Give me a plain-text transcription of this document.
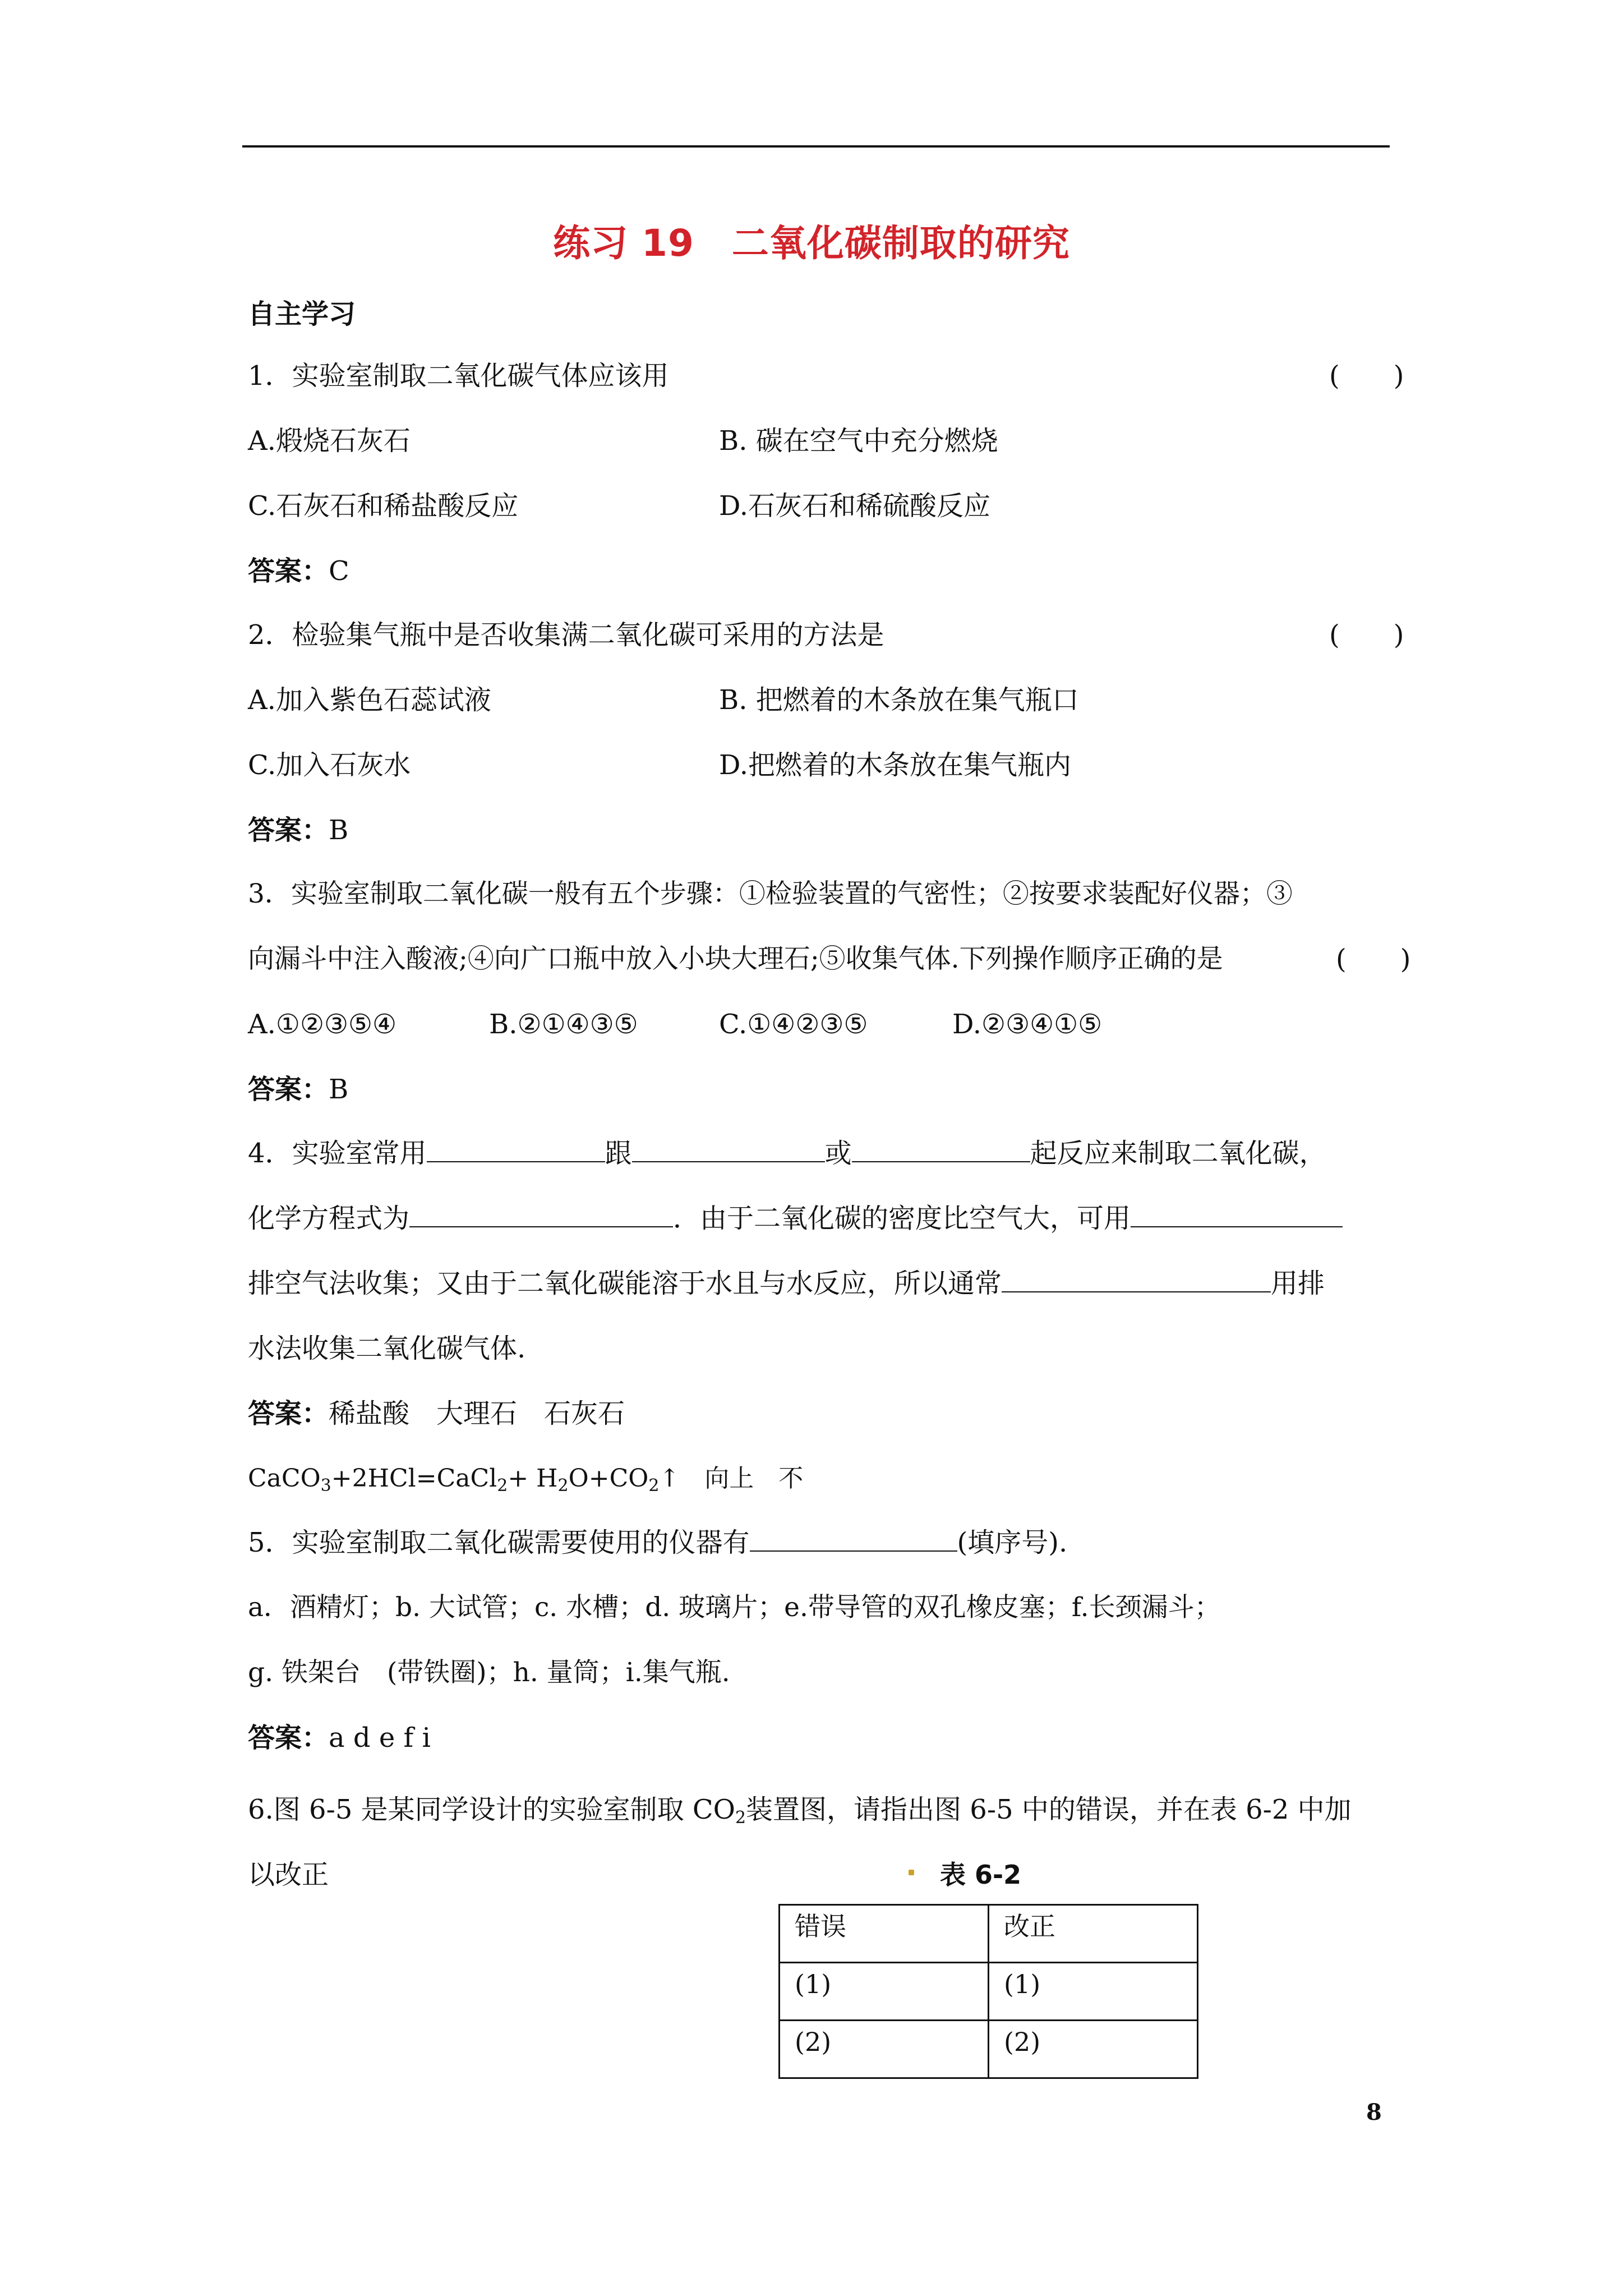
练习 19　二氧化碳制取的研究
自主学习
1．实验室制取二氧化碳气体应该用	(　　)
A.煅烧石灰石	B. 碳在空气中充分燃烧
C.石灰石和稀盐酸反应	D.石灰石和稀硫酸反应
答案：C
2．检验集气瓶中是否收集满二氧化碳可采用的方法是	(　　)
A.加入紫色石蕊试液	B. 把燃着的木条放在集气瓶口
C.加入石灰水	D.把燃着的木条放在集气瓶内
答案：B
3．实验室制取二氧化碳一般有五个步骤：①检验装置的气密性；②按要求装配好仪器；③
向漏斗中注入酸液;④向广口瓶中放入小块大理石;⑤收集气体.下列操作顺序正确的是	(　　)
A.①②③⑤④	B.②①④③⑤	C.①④②③⑤	D.②③④①⑤
答案：B
4．实验室常用	跟	或	起反应来制取二氧化碳，
化学方程式为	．由于二氧化碳的密度比空气大，可用
排空气法收集；又由于二氧化碳能溶于水且与水反应，所以通常	用排
水法收集二氧化碳气体.
答案：稀盐酸　大理石　石灰石
CaCO$_3$+2HCl=CaCl$_2$+ $H_2O+CO_2↑$　向上　不
5．实验室制取二氧化碳需要使用的仪器有	(填序号).
a．酒精灯；b. 大试管；c. 水槽；d. 玻璃片；e.带导管的双孔橡皮塞；f.长颈漏斗；
g. 铁架台　(带铁圈)；h. 量筒；i.集气瓶.
答案：a d e f i
6.图 6-5 是某同学设计的实验室制取 $CO_2$装置图，请指出图 6-5 中的错误，并在表 6-2 中加
以改正	表 6-2
错误	改正
(1)	(1)
(2)	(2)
8
